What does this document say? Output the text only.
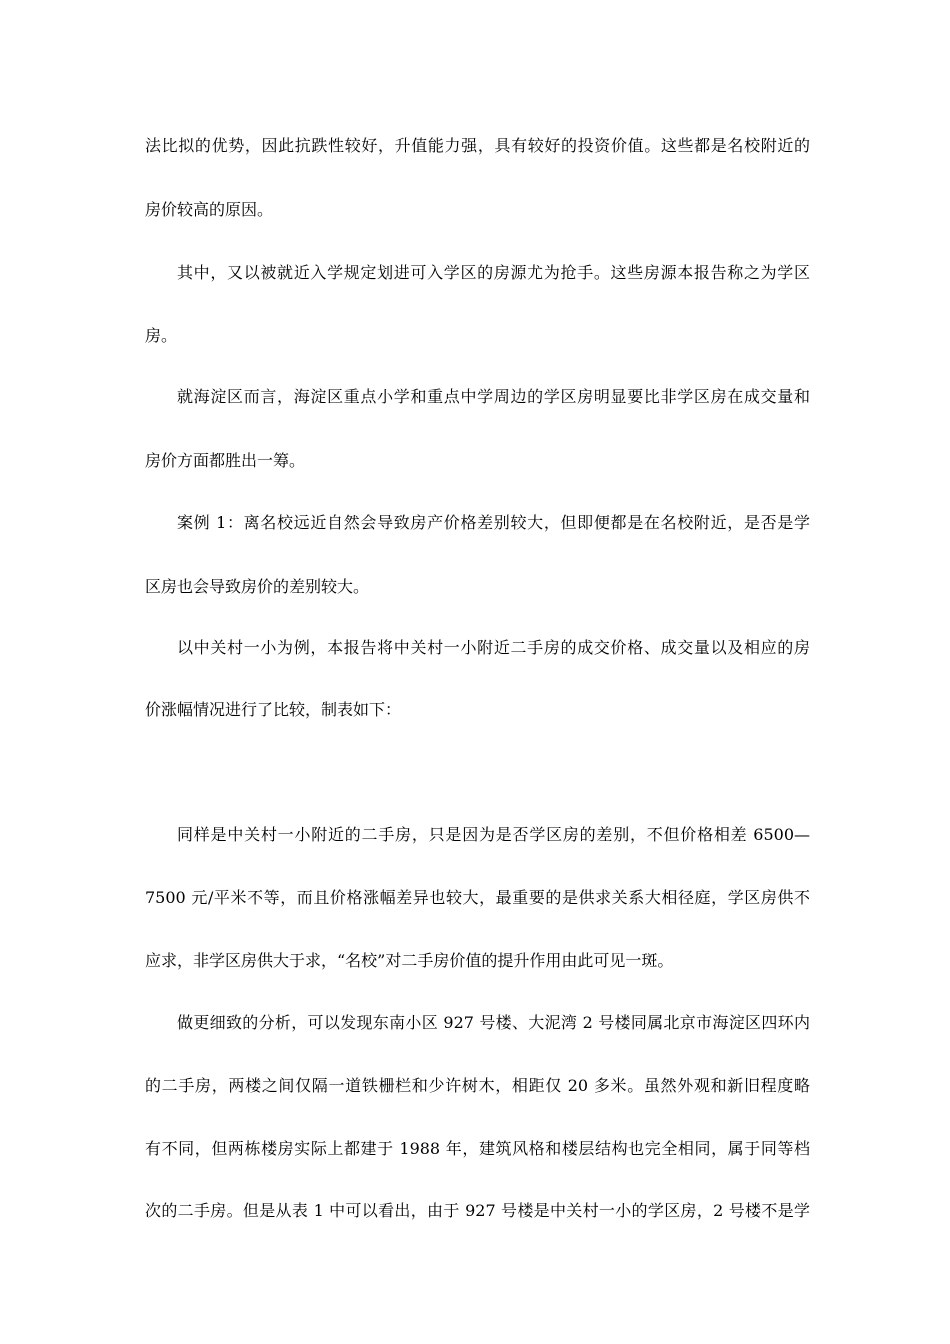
法比拟的优势，因此抗跌性较好，升值能力强，具有较好的投资价值。这些都是名校附近的
房价较高的原因。
其中，又以被就近入学规定划进可入学区的房源尤为抢手。这些房源本报告称之为学区
房。
就海淀区而言，海淀区重点小学和重点中学周边的学区房明显要比非学区房在成交量和
房价方面都胜出一筹。
案例 1：离名校远近自然会导致房产价格差别较大，但即便都是在名校附近，是否是学
区房也会导致房价的差别较大。
以中关村一小为例，本报告将中关村一小附近二手房的成交价格、成交量以及相应的房
价涨幅情况进行了比较，制表如下：
同样是中关村一小附近的二手房，只是因为是否学区房的差别，不但价格相差 6500—
7500 元/平米不等，而且价格涨幅差异也较大，最重要的是供求关系大相径庭，学区房供不
应求，非学区房供大于求，“名校”对二手房价值的提升作用由此可见一斑。
做更细致的分析，可以发现东南小区 927 号楼、大泥湾 2 号楼同属北京市海淀区四环内
的二手房，两楼之间仅隔一道铁栅栏和少许树木，相距仅 20 多米。虽然外观和新旧程度略
有不同，但两栋楼房实际上都建于 1988 年，建筑风格和楼层结构也完全相同，属于同等档
次的二手房。但是从表 1 中可以看出，由于 927 号楼是中关村一小的学区房，2 号楼不是学
